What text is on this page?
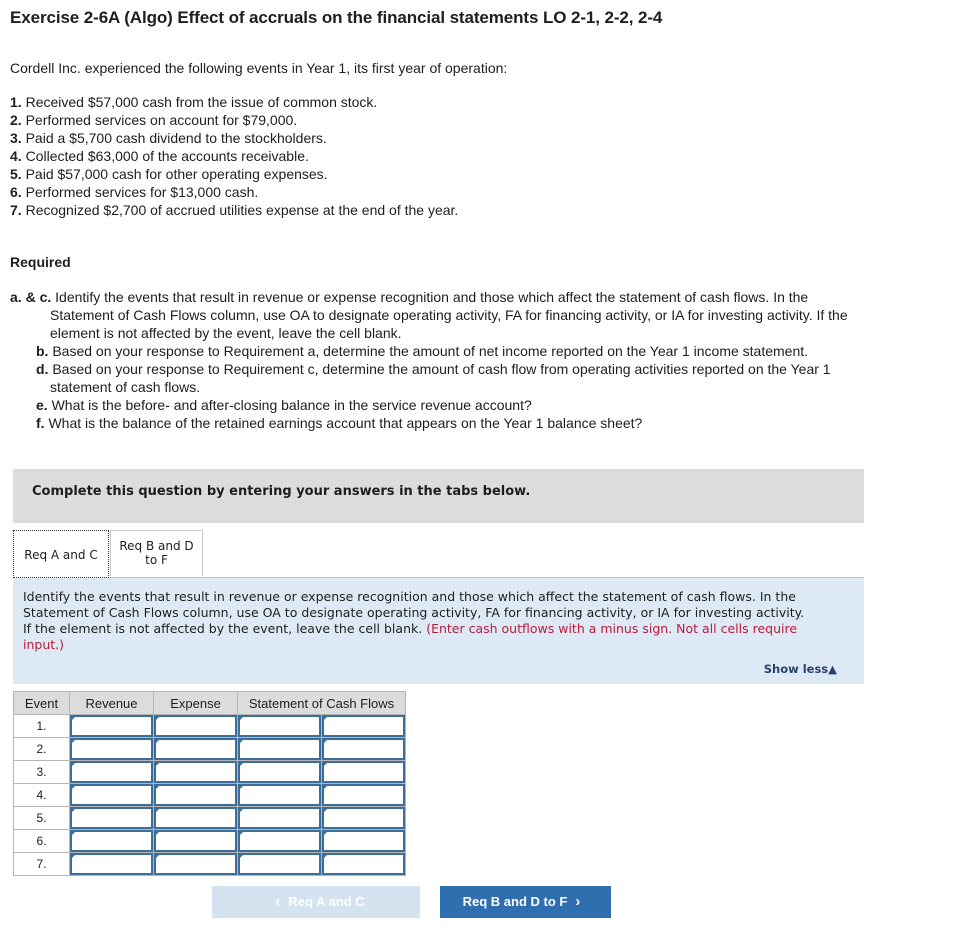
Exercise 2-6A (Algo) Effect of accruals on the financial statements LO 2-1, 2-2, 2-4
Cordell Inc. experienced the following events in Year 1, its first year of operation:
1. Received $57,000 cash from the issue of common stock.
2. Performed services on account for $79,000.
3. Paid a $5,700 cash dividend to the stockholders.
4. Collected $63,000 of the accounts receivable.
5. Paid $57,000 cash for other operating expenses.
6. Performed services for $13,000 cash.
7. Recognized $2,700 of accrued utilities expense at the end of the year.
Required
a. & c. Identify the events that result in revenue or expense recognition and those which affect the statement of cash flows. In the
Statement of Cash Flows column, use OA to designate operating activity, FA for financing activity, or IA for investing activity. If the
element is not affected by the event, leave the cell blank.
b. Based on your response to Requirement a, determine the amount of net income reported on the Year 1 income statement.
d. Based on your response to Requirement c, determine the amount of cash flow from operating activities reported on the Year 1
statement of cash flows.
e. What is the before- and after-closing balance in the service revenue account?
f. What is the balance of the retained earnings account that appears on the Year 1 balance sheet?
Complete this question by entering your answers in the tabs below.
Req A and C
Req B and D
to F
Identify the events that result in revenue or expense recognition and those which affect the statement of cash flows. In the
Statement of Cash Flows column, use OA to designate operating activity, FA for financing activity, or IA for investing activity.
If the element is not affected by the event, leave the cell blank. (Enter cash outflows with a minus sign. Not all cells require
input.)
Show less▲
Event	Revenue	Expense	Statement of Cash Flows	
1.	

2.	

3.	

4.	

5.	

6.	

7.	

‹ Req A and C	Req B and D to F ›
